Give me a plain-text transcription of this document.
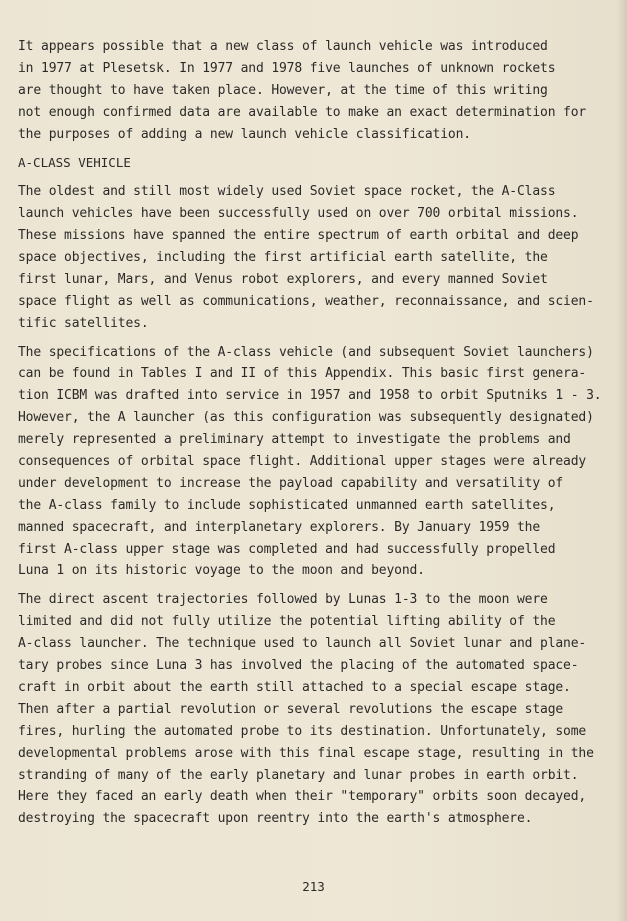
It appears possible that a new class of launch vehicle was introduced
in 1977 at Plesetsk. In 1977 and 1978 five launches of unknown rockets
are thought to have taken place. However, at the time of this writing
not enough confirmed data are available to make an exact determination for
the purposes of adding a new launch vehicle classification.
A-CLASS VEHICLE
The oldest and still most widely used Soviet space rocket, the A-Class
launch vehicles have been successfully used on over 700 orbital missions.
These missions have spanned the entire spectrum of earth orbital and deep
space objectives, including the first artificial earth satellite, the
first lunar, Mars, and Venus robot explorers, and every manned Soviet
space flight as well as communications, weather, reconnaissance, and scien-
tific satellites.
The specifications of the A-class vehicle (and subsequent Soviet launchers)
can be found in Tables I and II of this Appendix. This basic first genera-
tion ICBM was drafted into service in 1957 and 1958 to orbit Sputniks 1 - 3.
However, the A launcher (as this configuration was subsequently designated)
merely represented a preliminary attempt to investigate the problems and
consequences of orbital space flight. Additional upper stages were already
under development to increase the payload capability and versatility of
the A-class family to include sophisticated unmanned earth satellites,
manned spacecraft, and interplanetary explorers. By January 1959 the
first A-class upper stage was completed and had successfully propelled
Luna 1 on its historic voyage to the moon and beyond.
The direct ascent trajectories followed by Lunas 1-3 to the moon were
limited and did not fully utilize the potential lifting ability of the
A-class launcher. The technique used to launch all Soviet lunar and plane-
tary probes since Luna 3 has involved the placing of the automated space-
craft in orbit about the earth still attached to a special escape stage.
Then after a partial revolution or several revolutions the escape stage
fires, hurling the automated probe to its destination. Unfortunately, some
developmental problems arose with this final escape stage, resulting in the
stranding of many of the early planetary and lunar probes in earth orbit.
Here they faced an early death when their "temporary" orbits soon decayed,
destroying the spacecraft upon reentry into the earth's atmosphere.
213
